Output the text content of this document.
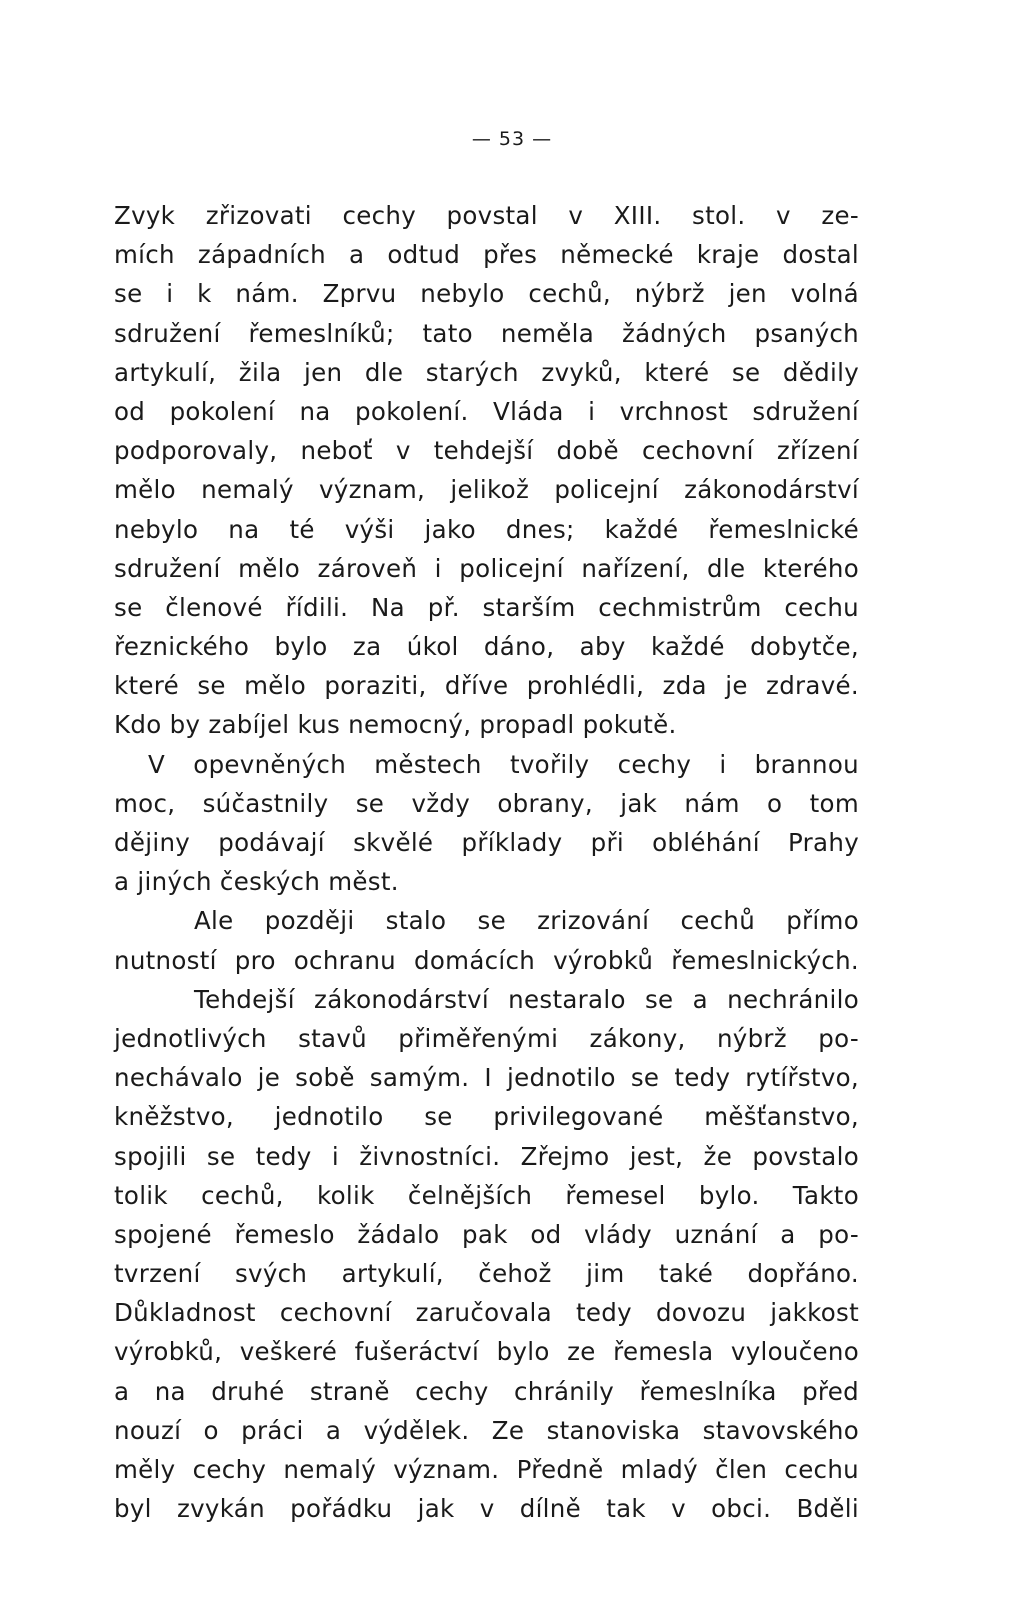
— 53 —
Zvyk zřizovati cechy povstal v XIII. stol. v ze-
mích západních a odtud přes německé kraje dostal
se i k nám. Zprvu nebylo cechů, nýbrž jen volná
sdružení řemeslníků; tato neměla žádných psaných
artykulí, žila jen dle starých zvyků, které se dědily
od pokolení na pokolení. Vláda i vrchnost sdružení
podporovaly, neboť v tehdejší době cechovní zřízení
mělo nemalý význam, jelikož policejní zákonodárství
nebylo na té výši jako dnes; každé řemeslnické
sdružení mělo zároveň i policejní nařízení, dle kterého
se členové řídili. Na př. starším cechmistrům cechu
řeznického bylo za úkol dáno, aby každé dobytče,
které se mělo poraziti, dříve prohlédli, zda je zdravé.
Kdo by zabíjel kus nemocný, propadl pokutě.
V opevněných městech tvořily cechy i brannou
moc, súčastnily se vždy obrany, jak nám o tom
dějiny podávají skvělé příklady při obléhání Prahy
a jiných českých měst.
Ale později stalo se zrizování cechů přímo
nutností pro ochranu domácích výrobků řemeslnických.
Tehdejší zákonodárství nestaralo se a nechránilo
jednotlivých stavů přiměřenými zákony, nýbrž po-
nechávalo je sobě samým. I jednotilo se tedy rytířstvo,
kněžstvo, jednotilo se privilegované měšťanstvo,
spojili se tedy i živnostníci. Zřejmo jest, že povstalo
tolik cechů, kolik čelnějších řemesel bylo. Takto
spojené řemeslo žádalo pak od vlády uznání a po-
tvrzení svých artykulí, čehož jim také dopřáno.
Důkladnost cechovní zaručovala tedy dovozu jakkost
výrobků, veškeré fušeráctví bylo ze řemesla vyloučeno
a na druhé straně cechy chránily řemeslníka před
nouzí o práci a výdělek. Ze stanoviska stavovského
měly cechy nemalý význam. Předně mladý člen cechu
byl zvykán pořádku jak v dílně tak v obci. Bděli
